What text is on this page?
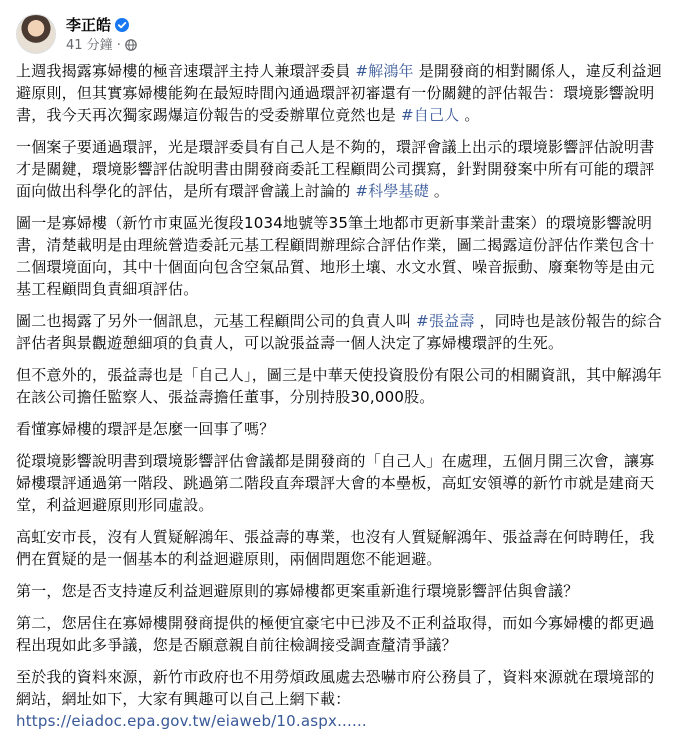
李正皓
41 分鐘 ·
上週我揭露寡婦樓的極音速環評主持人兼環評委員 #解鴻年 是開發商的相對關係人，違反利益迴避原則，但其實寡婦樓能夠在最短時間內通過環評初審還有一份關鍵的評估報告：環境影響說明書，我今天再次獨家踢爆這份報告的受委辦單位竟然也是 #自己人 。
一個案子要通過環評，光是環評委員有自己人是不夠的，環評會議上出示的環境影響評估說明書才是關鍵，環境影響評估說明書由開發商委託工程顧問公司撰寫，針對開發案中所有可能的環評面向做出科學化的評估，是所有環評會議上討論的 #科學基礎 。
圖一是寡婦樓（新竹市東區光復段1034地號等35筆土地都市更新事業計畫案）的環境影響說明書，清楚載明是由理統營造委託元基工程顧問辦理綜合評估作業，圖二揭露這份評估作業包含十二個環境面向，其中十個面向包含空氣品質、地形土壤、水文水質、噪音振動、廢棄物等是由元基工程顧問負責細項評估。
圖二也揭露了另外一個訊息，元基工程顧問公司的負責人叫 #張益壽 ，同時也是該份報告的綜合評估者與景觀遊憩細項的負責人，可以說張益壽一個人決定了寡婦樓環評的生死。
但不意外的，張益壽也是「自己人」，圖三是中華天使投資股份有限公司的相關資訊，其中解鴻年在該公司擔任監察人、張益壽擔任董事，分別持股30,000股。
看懂寡婦樓的環評是怎麼一回事了嗎？
從環境影響說明書到環境影響評估會議都是開發商的「自己人」在處理，五個月開三次會，讓寡婦樓環評通過第一階段、跳過第二階段直奔環評大會的本壘板，高虹安領導的新竹市就是建商天堂，利益迴避原則形同虛設。
高虹安市長，沒有人質疑解鴻年、張益壽的專業，也沒有人質疑解鴻年、張益壽在何時聘任，我們在質疑的是一個基本的利益迴避原則，兩個問題您不能迴避。
第一，您是否支持違反利益迴避原則的寡婦樓都更案重新進行環境影響評估與會議？
第二，您居住在寡婦樓開發商提供的極便宜豪宅中已涉及不正利益取得，而如今寡婦樓的都更過程出現如此多爭議，您是否願意親自前往檢調接受調查釐清爭議？
至於我的資料來源，新竹市政府也不用勞煩政風處去恐嚇市府公務員了，資料來源就在環境部的網站，網址如下，大家有興趣可以自己上網下載：
https://eiadoc.epa.gov.tw/eiaweb/10.aspx......
